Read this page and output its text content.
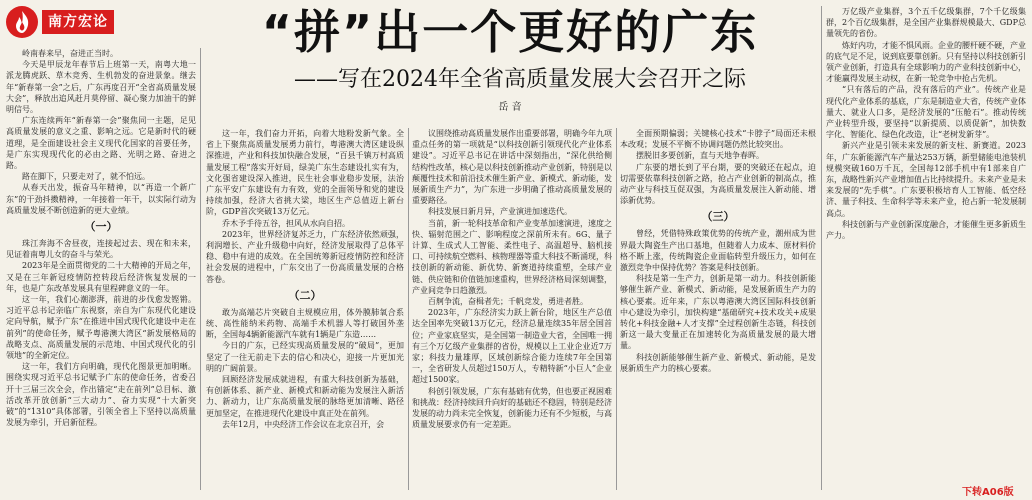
南方宏论	“拼”出一个更好的广东
——写在2024年全省高质量发展大会召开之际
岳 音

岭南春来早，奋进正当时。

今天是甲辰龙年春节后上班第一天，南粤大地一派龙腾虎跃、草木竞秀、生机勃发的奋进景象。继去年“新春第一会”之后，广东再度召开“全省高质量发展大会”，释放出追风赶月莫停留、凝心聚力加油干的鲜明信号。

广东连续两年“新春第一会”聚焦同一主题，足见高质量发展的意义之重、影响之远。它是新时代的硬道理，是全面建设社会主义现代化国家的首要任务，是广东实现现代化的必由之路、光明之路、奋进之路。

路在脚下，只要走对了，就不怕远。

从春天出发，振奋马年精神，以“再造一个新广东”的干劲抖擞精神，一年接着一年干，以实际行动为高质量发展不断创造新的更大业绩。

（一）

珠江奔海不舍昼夜，连接起过去、现在和未来，见证着南粤儿女的奋斗与荣光。

2023年是全面贯彻党的二十大精神的开局之年，又是在三年新冠疫情防控转段后经济恢复发展的一年，也是广东改革发展具有里程碑意义的一年。

这一年，我们心潮澎湃，前进的步伐愈发铿锵。习近平总书记亲临广东视察，亲自为广东现代化建设定向导航，赋予广东“在推进中国式现代化建设中走在前列”的使命任务，赋予粤港澳大湾区“新发展格局的战略支点、高质量发展的示范地、中国式现代化的引领地”的全新定位。

这一年，我们方向明确，现代化图景更加明晰。围绕实现习近平总书记赋予广东的使命任务，省委召开十三届三次全会，作出锚定“走在前列”总目标、激活改革开放创新“三大动力”、奋力实现“十大新突破”的“1310”具体部署，引领全省上下坚持以高质量发展为牵引，开启新征程。

这一年，我们奋力开拓，向着大地粉发新气象。全省上下聚焦高质量发展勇力前行，粤港澳大湾区建设纵深推进，产业和科技加快融合发展，“百县千镇万村高质量发展工程”落实开好局，绿美广东生态建设扎实有为，文化强省建设深入推进，民生社会事业稳步发展，法治广东平安广东建设有力有效，党的全面领导和党的建设持续加强，经济大省挑大梁，地区生产总值迈上新台阶，GDP首次突破13万亿元。

乔木予手待五谷，担风从水向自招。

2023年，世界经济复苏乏力，广东经济依然顽强，利润增长、产业升级稳中向好，经济发展取得了总体平稳、稳中有进的成效。在全国统筹新冠疫情防控和经济社会发展的进程中，广东交出了一份高质量发展的合格答卷。

（二）

敢为高端芯片突破自主规模应用，体外膜肺氧合系统、高性能纳米药物、高端手术机器人等打破国外垄断，全国每4辆新能源汽车就有1辆是广东造……

今日的广东，已经实现高质量发展的“破局”，更加坚定了一往无前走下去的信心和决心，迎接一片更加光明的广阔前景。

回顾经济发展成就进程，有重大科技创新为基础，有创新体系、新产业、新模式和新动能为发展注入新活力、新动力，让广东高质量发展的脉络更加清晰、路径更加坚定，在推进现代化建设中真正处在前列。

去年12月，中央经济工作会议在北京召开，会

议围绕推动高质量发展作出重要部署，明确今年九项重点任务的第一项就是“以科技创新引领现代化产业体系建设”。习近平总书记在讲话中深刻指出，“深化供给侧结构性改革，核心是以科技创新推动产业创新，特别是以颠覆性技术和前沿技术催生新产业、新模式、新动能，发展新质生产力”，为广东进一步明确了推动高质量发展的重要路径。

科技发展日新月异，产业演进加速迭代。

当前，新一轮科技革命和产业变革加速演进，速度之快、辐射范围之广、影响程度之深前所未有。6G、量子计算、生成式人工智能、柔性电子、高温超导、脑机接口、可持续航空燃料、核物理器等重大科技不断涌现，科技创新的新动能、新优势、新赛道持续重塑，全球产业链、供应链和价值链加速重构，世界经济格局深刻调整，产业间竞争日趋激烈。

百舸争流，奋楫者先；千帆竞发，勇进者胜。

2023年，广东经济实力跃上新台阶，地区生产总值达全国率先突破13万亿元，经济总量连续35年居全国首位；产业家底坚实，是全国第一制造业大省，全国唯一拥有三个万亿级产业集群的省份，规模以上工业企业近7万家；科技力量雄厚，区域创新综合能力连续7年全国第一，全省研发人员超过150万人，专精特新“小巨人”企业超过1500家。

科创引领发展，广东有基础有优势，但也要正视困难和挑战：经济持续回升向好的基础还不稳固，特别是经济发展的动力尚未完全恢复，创新能力还有不少短板，与高质量发展要求仍有一定差距。

全面预期偏弱；关键核心技术“卡脖子”局面还未根本改观；发展不平衡不协调问题仍然比较突出。

摆脱旧多要创新，直与天地争春晖。

广东要的增长到了平台期，要的突破还在起点，迫切需要依靠科技创新之路，抢占产业创新的制高点，推动产业与科技互促双强，为高质量发展注入新动能、增添新优势。

（三）

曾经，凭借特殊政策优势的传统产业，潮州成为世界最大陶瓷生产出口基地，但随着人力成本、原材料价格不断上涨，传统陶瓷企业面临转型升级压力，如何在激烈竞争中保持优势？答案是科技创新。

科技是第一生产力，创新是第一动力。科技创新能够催生新产业、新模式、新动能，是发展新质生产力的核心要素。近年来，广东以粤港澳大湾区国际科技创新中心建设为牵引，加快构建“基础研究+技术攻关+成果转化+科技金融+人才支撑”全过程创新生态链，科技创新这一最大变量正在加速转化为高质量发展的最大增量。

科技创新能够催生新产业、新模式、新动能，是发展新质生产力的核心要素。

万亿级产业集群，3个五千亿级集群，7个千亿级集群，2个百亿级集群，是全国产业集群规模最大、GDP总量领先的省份。

炼好内功，才能不惧风雨。企业的腰杆硬不硬，产业的底气足不足，说到底要靠创新。只有坚持以科技创新引领产业创新，打造具有全球影响力的产业科技创新中心，才能赢得发展主动权，在新一轮竞争中抢占先机。

“只有落后的产品，没有落后的产业”。传统产业是现代化产业体系的基底，广东是制造业大省，传统产业体量大、就业人口多，是经济发展的“压舱石”。推动传统产业转型升级，要坚持“以新提质、以质促新”，加快数字化、智能化、绿色化改造，让“老树发新芽”。

新兴产业是引领未来发展的新支柱、新赛道。2023年，广东新能源汽车产量达253万辆，新型储能电池装机规模突破160万千瓦，全国每12部手机中有1部来自广东，战略性新兴产业增加值占比持续提升。未来产业是未来发展的“先手棋”。广东要积极培育人工智能、低空经济、量子科技、生命科学等未来产业，抢占新一轮发展制高点。

科技创新与产业创新深度融合，才能催生更多新质生产力。

下转A06版
